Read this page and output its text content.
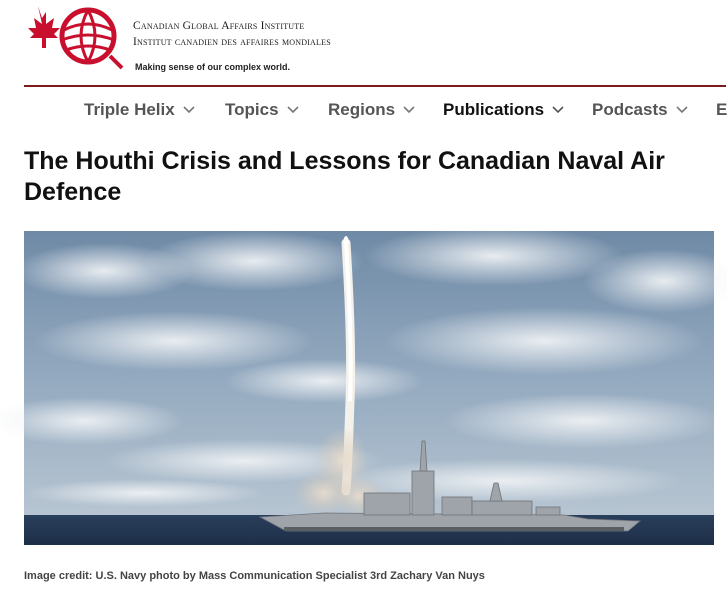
Canadian Global Affairs Institute
Institut canadien des affaires mondiales
Making sense of our complex world.
Triple Helix	Topics	Regions	Publications	Podcasts	E
The Houthi Crisis and Lessons for Canadian Naval Air Defence
Image credit: U.S. Navy photo by Mass Communication Specialist 3rd Zachary Van Nuys
